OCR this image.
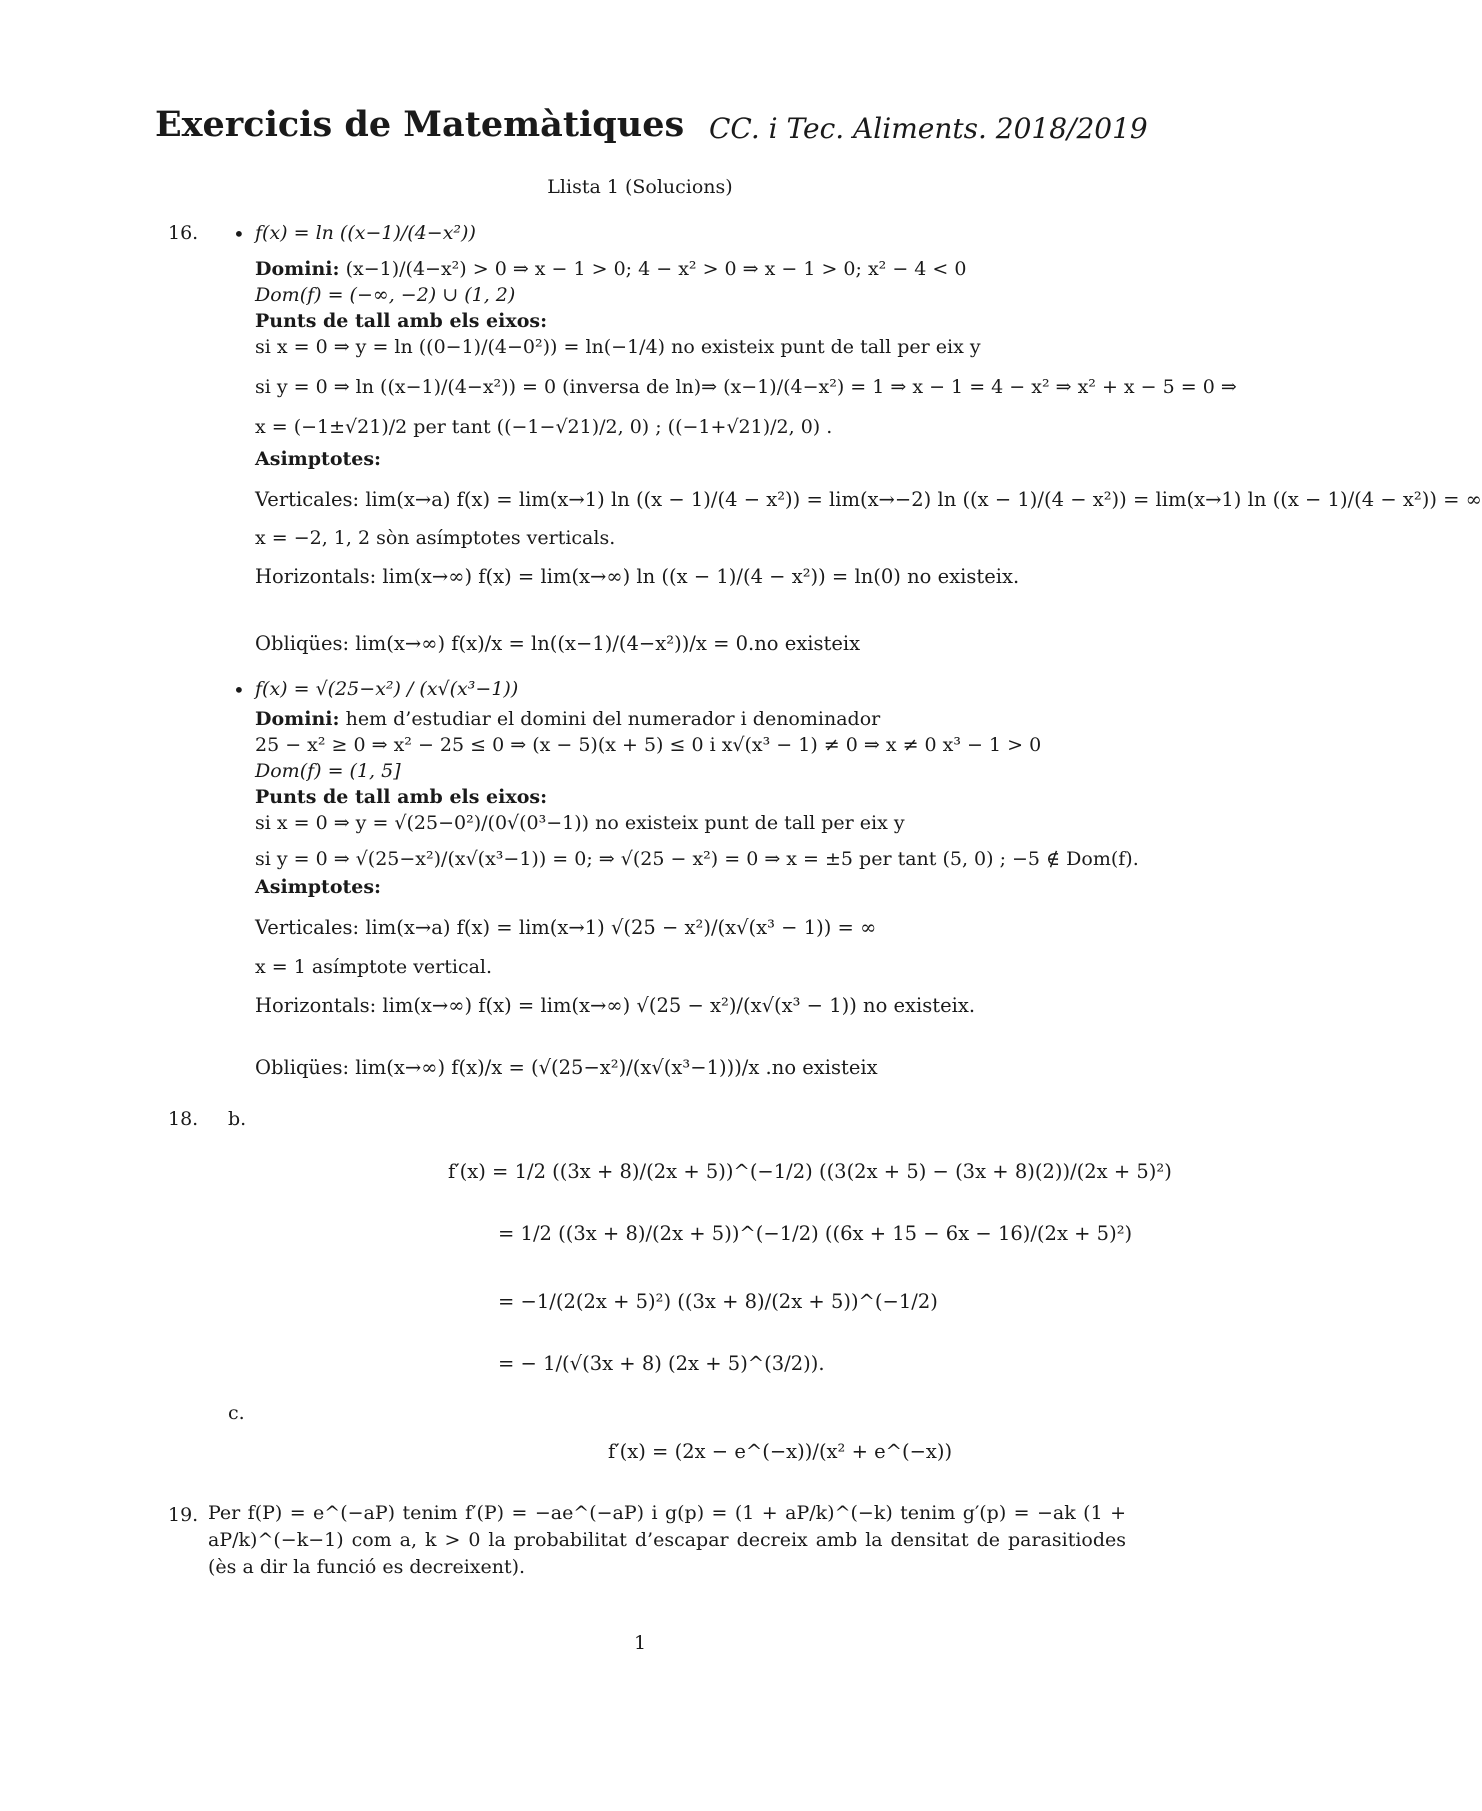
Exercicis de Matemàtiques CC. i Tec. Aliments. 2018/2019
Llista 1 (Solucions)
16. • f(x) = ln ((x−1)/(4−x²))
Domini: (x−1)/(4−x²) > 0 ⇒ x − 1 > 0; 4 − x² > 0 ⇒ x − 1 > 0; x² − 4 < 0
Dom(f) = (−∞, −2) ∪ (1, 2)
Punts de tall amb els eixos:
si x = 0 ⇒ y = ln ((0−1)/(4−0²)) = ln(−1/4) no existeix punt de tall per eix y
si y = 0 ⇒ ln ((x−1)/(4−x²)) = 0 (inversa de ln)⇒ (x−1)/(4−x²) = 1 ⇒ x − 1 = 4 − x² ⇒ x² + x − 5 = 0 ⇒
x = (−1±√21)/2 per tant ((−1−√21)/2, 0) ; ((−1+√21)/2, 0) .
Asimptotes:
Verticales: lim(x→a) f(x) = lim(x→1) ln ((x − 1)/(4 − x²)) = lim(x→−2) ln ((x − 1)/(4 − x²)) = lim(x→1) ln ((x − 1)/(4 − x²)) = ∞
x = −2, 1, 2 sòn asímptotes verticals.
Horizontals: lim(x→∞) f(x) = lim(x→∞) ln ((x − 1)/(4 − x²)) = ln(0) no existeix.
Obliqües: lim(x→∞) f(x)/x = ln((x−1)/(4−x²))/x = 0.no existeix
• f(x) = √(25−x²) / (x√(x³−1))
Domini: hem d’estudiar el domini del numerador i denominador
25 − x² ≥ 0 ⇒ x² − 25 ≤ 0 ⇒ (x − 5)(x + 5) ≤ 0 i x√(x³ − 1) ≠ 0 ⇒ x ≠ 0 x³ − 1 > 0
Dom(f) = (1, 5]
Punts de tall amb els eixos:
si x = 0 ⇒ y = √(25−0²)/(0√(0³−1)) no existeix punt de tall per eix y
si y = 0 ⇒ √(25−x²)/(x√(x³−1)) = 0; ⇒ √(25 − x²) = 0 ⇒ x = ±5 per tant (5, 0) ; −5 ∉ Dom(f).
Asimptotes:
Verticales: lim(x→a) f(x) = lim(x→1) √(25 − x²)/(x√(x³ − 1)) = ∞
x = 1 asímptote vertical.
Horizontals: lim(x→∞) f(x) = lim(x→∞) √(25 − x²)/(x√(x³ − 1)) no existeix.
Obliqües: lim(x→∞) f(x)/x = (√(25−x²)/(x√(x³−1)))/x .no existeix
18. b.
f′(x) = 1/2 ((3x + 8)/(2x + 5))^(−1/2) ((3(2x + 5) − (3x + 8)(2))/(2x + 5)²)
= 1/2 ((3x + 8)/(2x + 5))^(−1/2) ((6x + 15 − 6x − 16)/(2x + 5)²)
= −1/(2(2x + 5)²) ((3x + 8)/(2x + 5))^(−1/2)
= − 1/(√(3x + 8) (2x + 5)^(3/2)).
c.
f′(x) = (2x − e^(−x))/(x² + e^(−x))
19. Per f(P) = e^(−aP) tenim f′(P) = −ae^(−aP) i g(p) = (1 + aP/k)^(−k) tenim g′(p) = −ak (1 + aP/k)^(−k−1) com a, k > 0 la probabilitat d’escapar decreix amb la densitat de parasitiodes (ès a dir la funció es decreixent).
1
